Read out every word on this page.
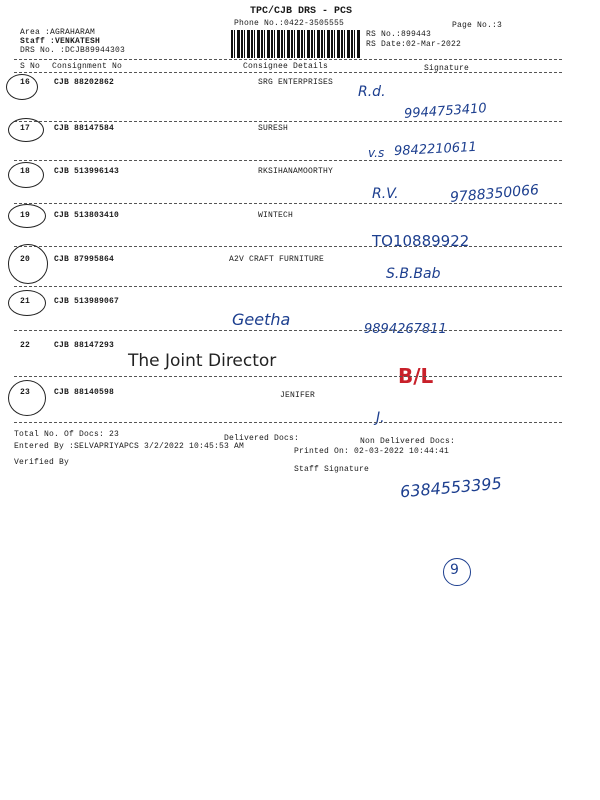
TPC/CJB DRS - PCS
Phone No.:0422-3505555	Page No.:3
Area :AGRAHARAM
Staff :VENKATESH
DRS No. :DCJB89944303
RS No.:899443
RS Date:02-Mar-2022
S No Consignment No	Consignee Details	Signature
16	CJB 88202862	SRG ENTERPRISES
R.d.
9944753410
17	CJB 88147584	SURESH
v.s 9842210611
18	CJB 513996143	RKSIHANAMOORTHY
R.V.	9788350066
19	CJB 513803410	WINTECH
TO10889922
20	CJB 87995864	A2V CRAFT FURNITURE
S.B.Bab
21	CJB 513989067
Geetha
9894267811
22	CJB 88147293
The Joint Director
B/L
23	CJB 88140598	JENIFER
J.
Total No. Of Docs: 23	Delivered Docs:	Non Delivered Docs:
Entered By :SELVAPRIYAPCS 3/2/2022 10:45:53 AM
Printed On: 02-03-2022 10:44:41
Verified By
Staff Signature
6384553395
9
